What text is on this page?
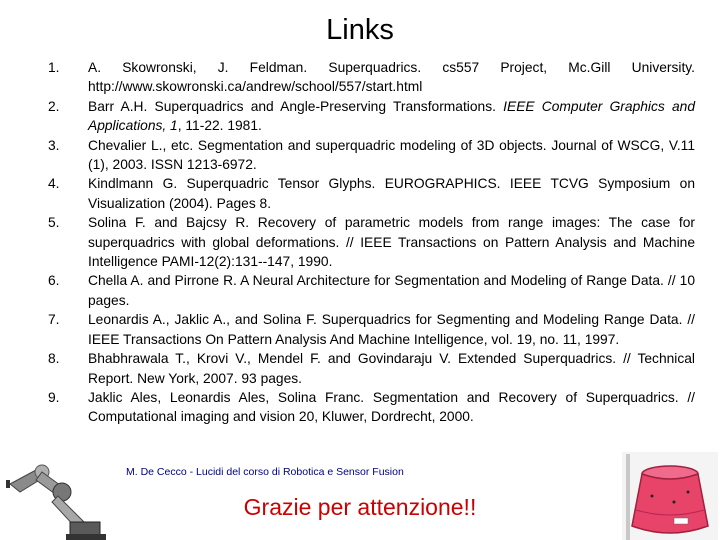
Links
1. A. Skowronski, J. Feldman. Superquadrics. cs557 Project, Mc.Gill University. http://www.skowronski.ca/andrew/school/557/start.html
2. Barr A.H. Superquadrics and Angle-Preserving Transformations. IEEE Computer Graphics and Applications, 1, 11-22. 1981.
3. Chevalier L., etc. Segmentation and superquadric modeling of 3D objects. Journal of WSCG, V.11 (1), 2003. ISSN 1213-6972.
4. Kindlmann G. Superquadric Tensor Glyphs. EUROGRAPHICS. IEEE TCVG Symposium on Visualization (2004). Pages 8.
5. Solina F. and Bajcsy R. Recovery of parametric models from range images: The case for superquadrics with global deformations. // IEEE Transactions on Pattern Analysis and Machine Intelligence PAMI-12(2):131--147, 1990.
6. Chella A. and Pirrone R. A Neural Architecture for Segmentation and Modeling of Range Data. // 10 pages.
7. Leonardis A., Jaklic A., and Solina F. Superquadrics for Segmenting and Modeling Range Data. // IEEE Transactions On Pattern Analysis And Machine Intelligence, vol. 19, no. 11, 1997.
8. Bhabhrawala T., Krovi V., Mendel F. and Govindaraju V. Extended Superquadrics. // Technical Report. New York, 2007. 93 pages.
9. Jaklic Ales, Leonardis Ales, Solina Franc. Segmentation and Recovery of Superquadrics. // Computational imaging and vision 20, Kluwer, Dordrecht, 2000.
M. De Cecco - Lucidi del corso di Robotica e Sensor Fusion
Grazie per attenzione!!
